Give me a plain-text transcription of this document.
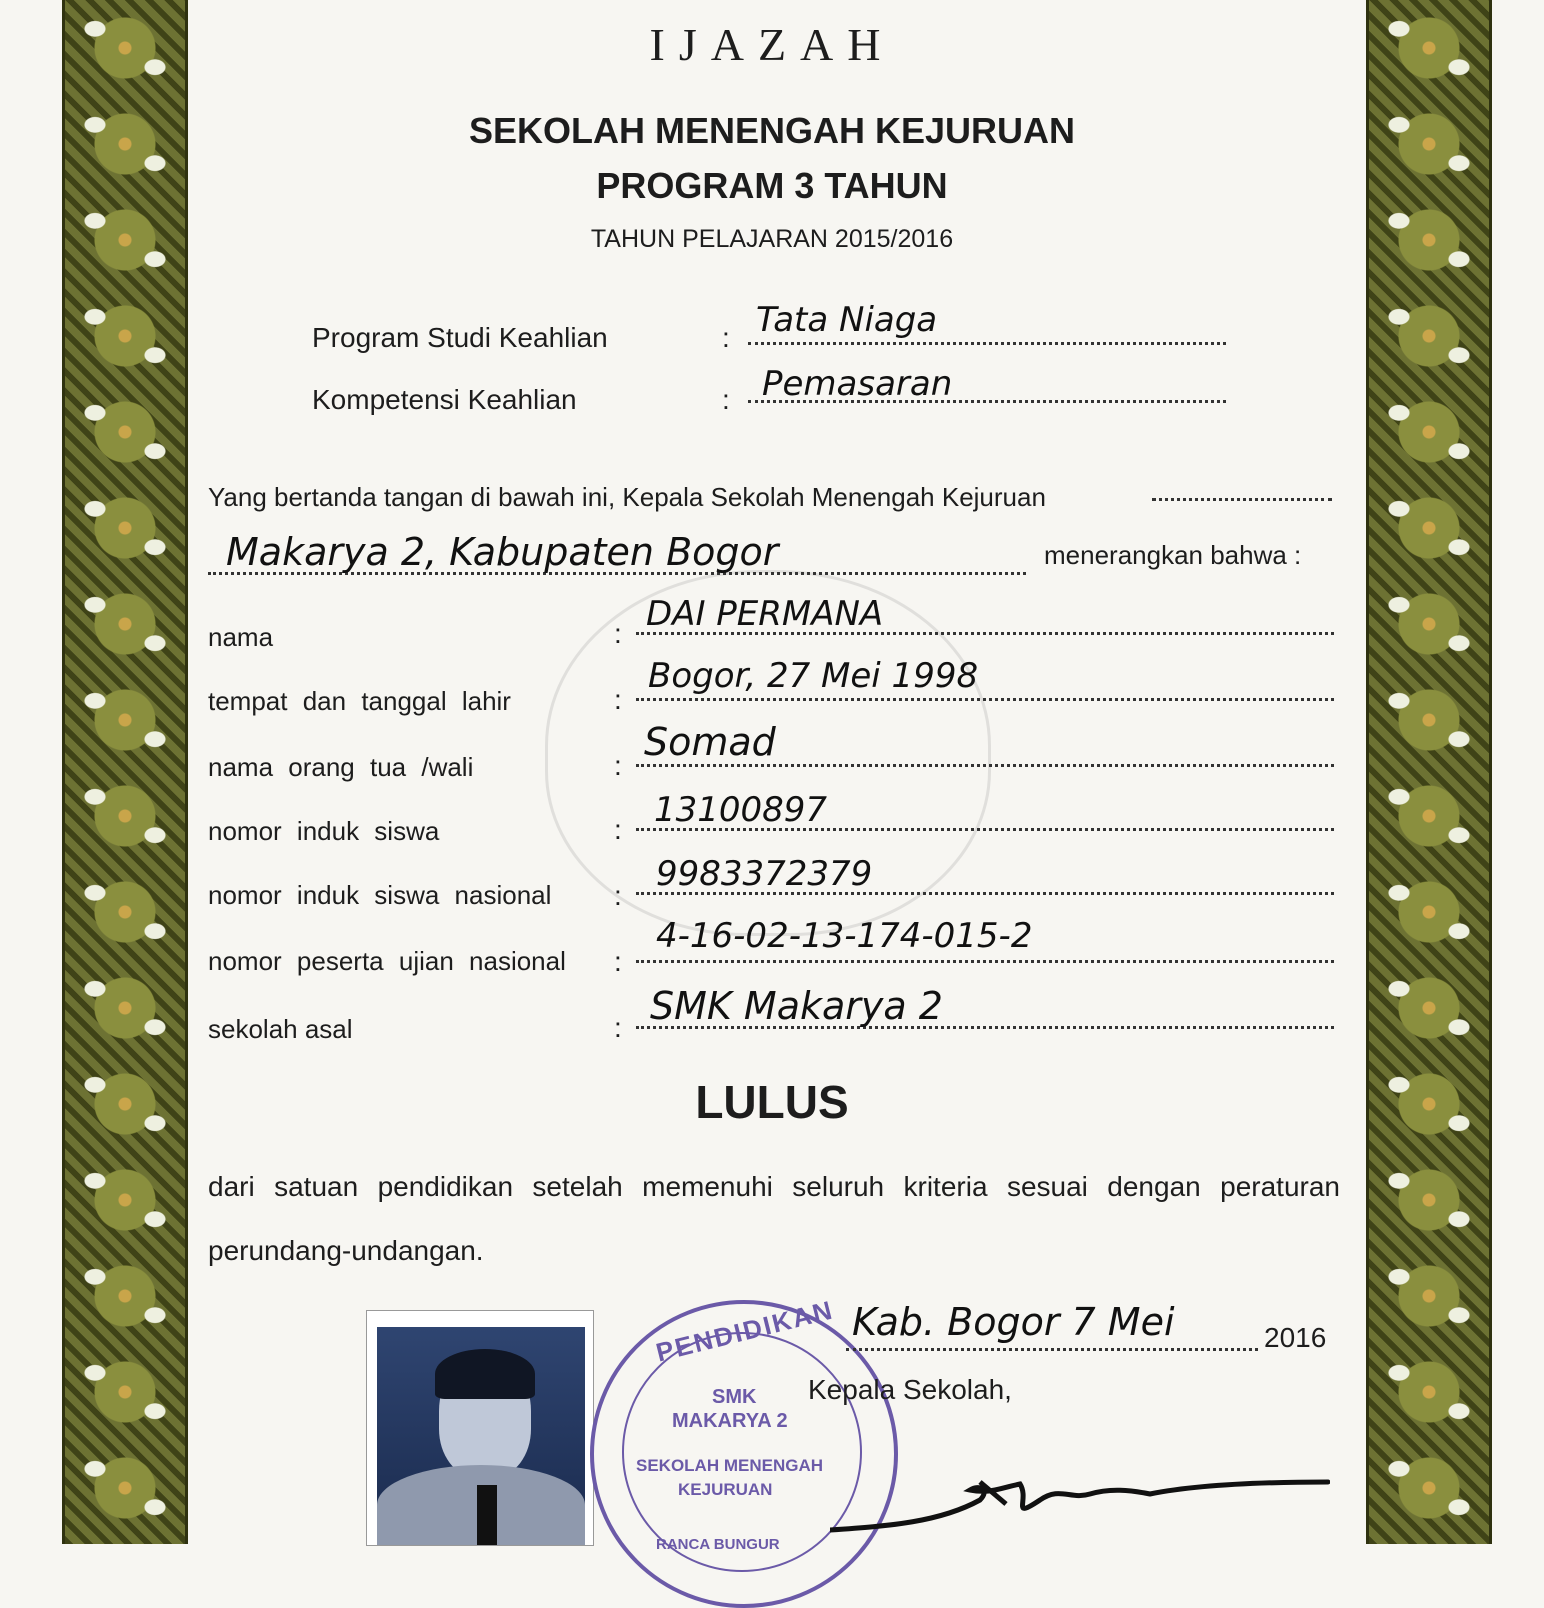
IJAZAH
SEKOLAH MENENGAH KEJURUAN
PROGRAM 3 TAHUN
TAHUN PELAJARAN 2015/2016
Program Studi Keahlian	: Tata Niaga
Kompetensi Keahlian	: Pemasaran
Yang bertanda tangan di bawah ini, Kepala Sekolah Menengah Kejuruan
Makarya 2, Kabupaten Bogor	menerangkan bahwa :
nama	: DAI PERMANA
tempat dan tanggal lahir	:
Bogor, 27 Mei 1998
nama orang tua /wali	:
Somad
nomor induk siswa	: 13100897
nomor induk siswa nasional :
9983372379
nomor peserta ujian nasional :
4-16-02-13-174-015-2
sekolah asal	: SMK Makarya 2
LULUS
dari satuan pendidikan setelah memenuhi seluruh kriteria sesuai dengan peraturan perundang-undangan.
PENDIDIKAN
SMK
MAKARYA 2
SEKOLAH MENENGAH
KEJURUAN
RANCA BUNGUR
Kab. Bogor 7 Mei	2016
Kepala Sekolah,
